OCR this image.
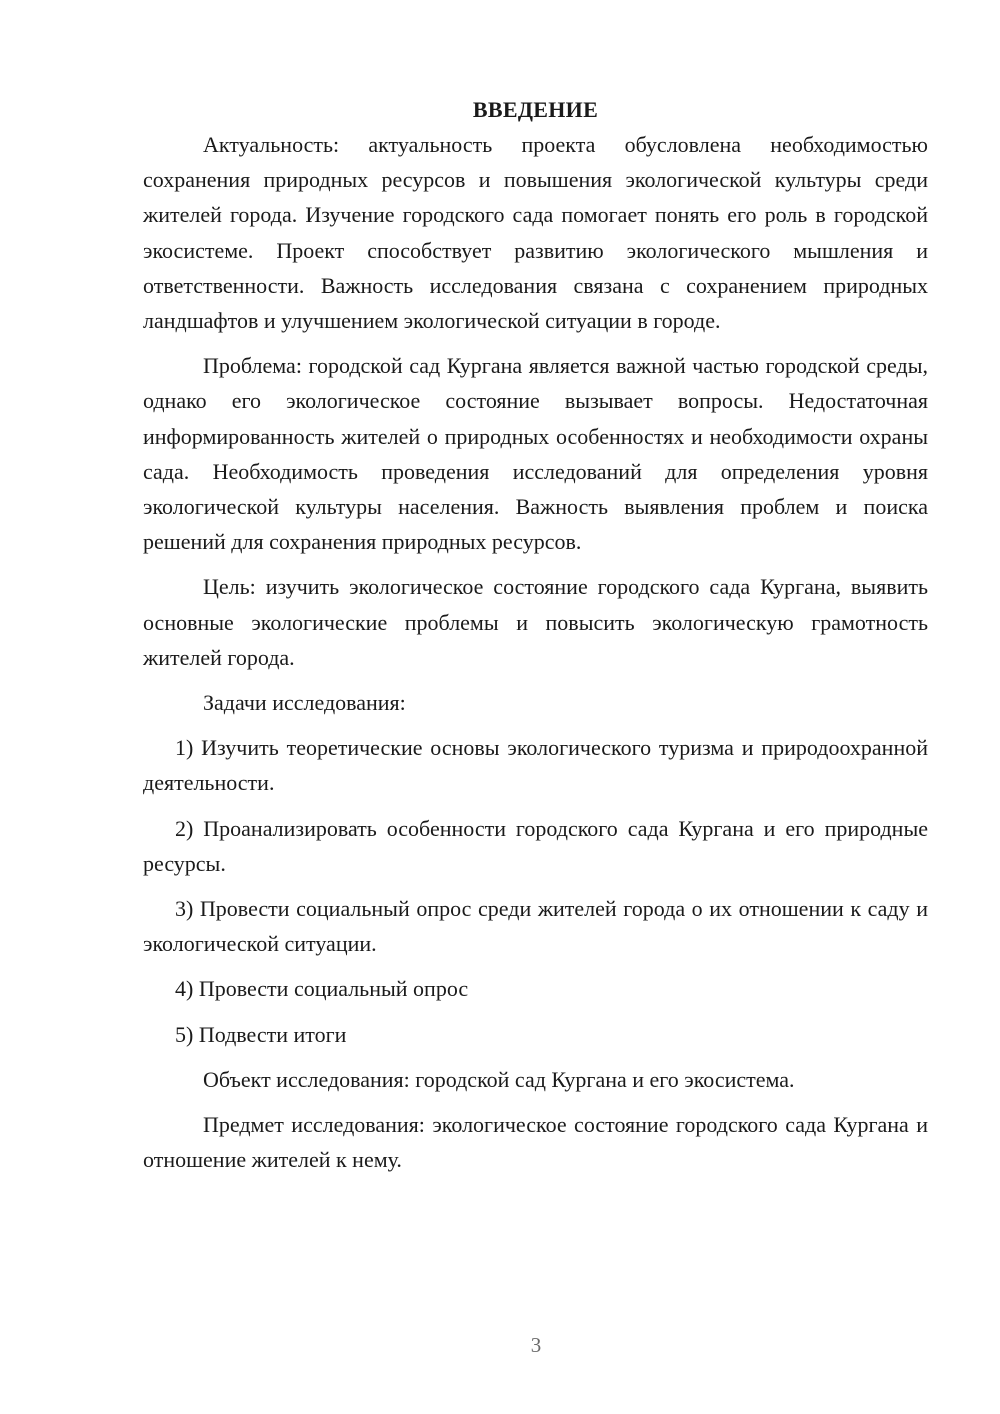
ВВЕДЕНИЕ

Актуальность: актуальность проекта обусловлена необходимостью сохранения природных ресурсов и повышения экологической культуры среди жителей города. Изучение городского сада помогает понять его роль в городской экосистеме. Проект способствует развитию экологического мышления и ответственности. Важность исследования связана с сохранением природных ландшафтов и улучшением экологической ситуации в городе.

Проблема: городской сад Кургана является важной частью городской среды, однако его экологическое состояние вызывает вопросы. Недостаточная информированность жителей о природных особенностях и необходимости охраны сада. Необходимость проведения исследований для определения уровня экологической культуры населения. Важность выявления проблем и поиска решений для сохранения природных ресурсов.

Цель: изучить экологическое состояние городского сада Кургана, выявить основные экологические проблемы и повысить экологическую грамотность жителей города.

Задачи исследования:

1) Изучить теоретические основы экологического туризма и природоохранной деятельности.

2) Проанализировать особенности городского сада Кургана и его природные ресурсы.

3) Провести социальный опрос среди жителей города о их отношении к саду и экологической ситуации.

4) Провести социальный опрос

5) Подвести итоги

Объект исследования: городской сад Кургана и его экосистема.

Предмет исследования: экологическое состояние городского сада Кургана и отношение жителей к нему.

3
